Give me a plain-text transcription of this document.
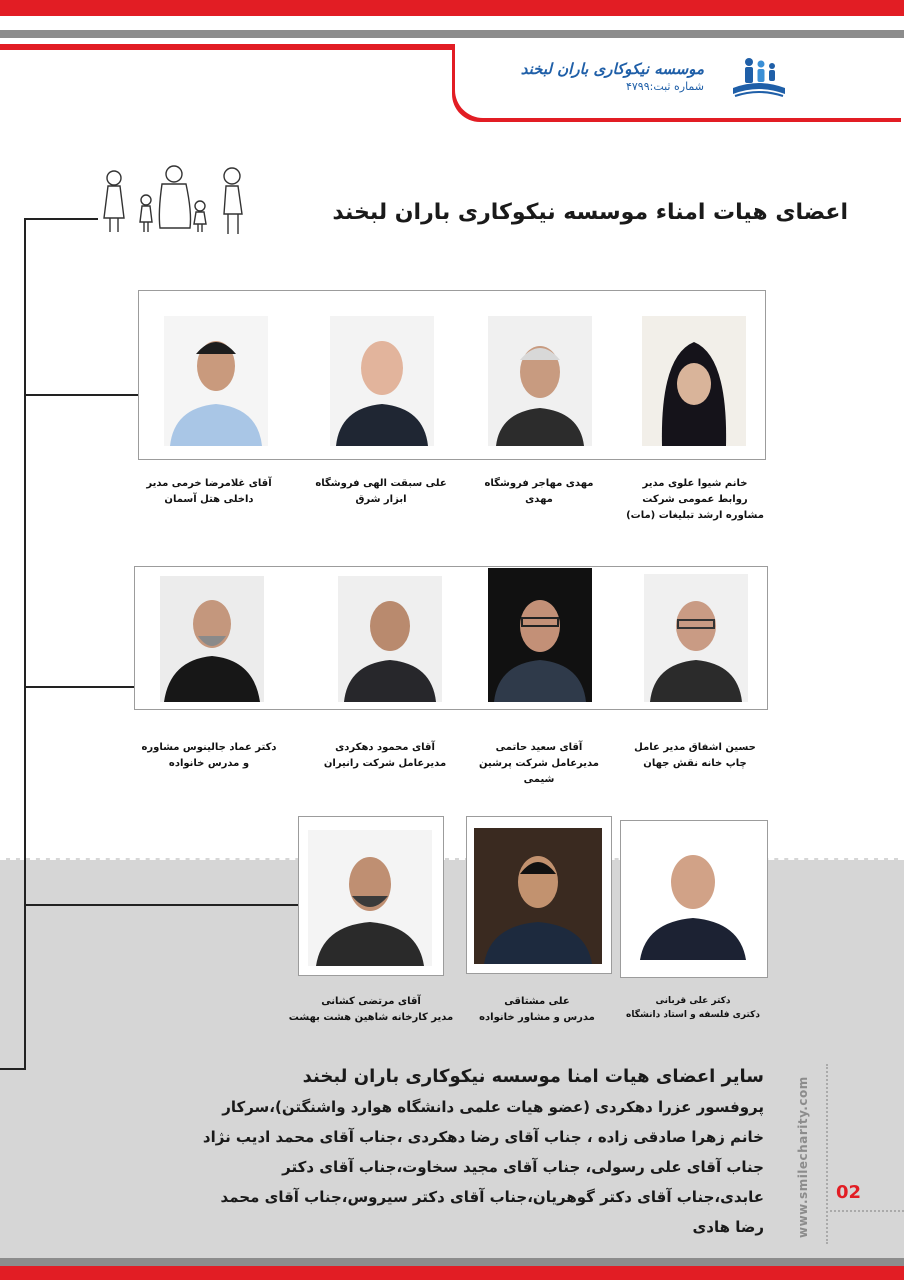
موسسه نیکوکاری باران لبخند
شماره ثبت:۴۷۹۹
اعضای هیات امناء موسسه نیکوکاری باران لبخند
خانم شیوا علوی مدیر
روابط عمومی شرکت
مشاوره ارشد تبلیغات (مات)
مهدی مهاجر فروشگاه
مهدی
علی سبقت الهی فروشگاه
ابزار شرق
آقای غلامرضا خرمی مدیر
داخلی هتل آسمان
حسین اشفاق مدیر عامل
چاپ خانه نقش جهان
آقای سعید حاتمی
مدیرعامل شرکت پرشین
شیمی
آقای محمود دهکردی
مدیرعامل شرکت رانیران
دکتر عماد جالینوس مشاوره
و مدرس خانواده
دکتر علی قربانی
دکتری فلسفه و استاد دانشگاه
علی مشتاقی
مدرس و مشاور خانواده
آقای مرتضی کشانی
مدیر کارخانه شاهین هشت بهشت
سایر اعضای هیات امنا موسسه نیکوکاری باران لبخند
پروفسور عزرا دهکردی (عضو هیات علمی دانشگاه هوارد واشنگتن)،سرکار
خانم زهرا صادقی زاده ، جناب آقای رضا دهکردی ،جناب آقای محمد ادیب نژاد
جناب آقای علی رسولی، جناب آقای مجید سخاوت،جناب آقای دکتر
عابدی،جناب آقای دکتر گوهریان،جناب آقای دکتر سیروس،جناب آقای محمد
رضا هادی	www.smilecharity.com 02
